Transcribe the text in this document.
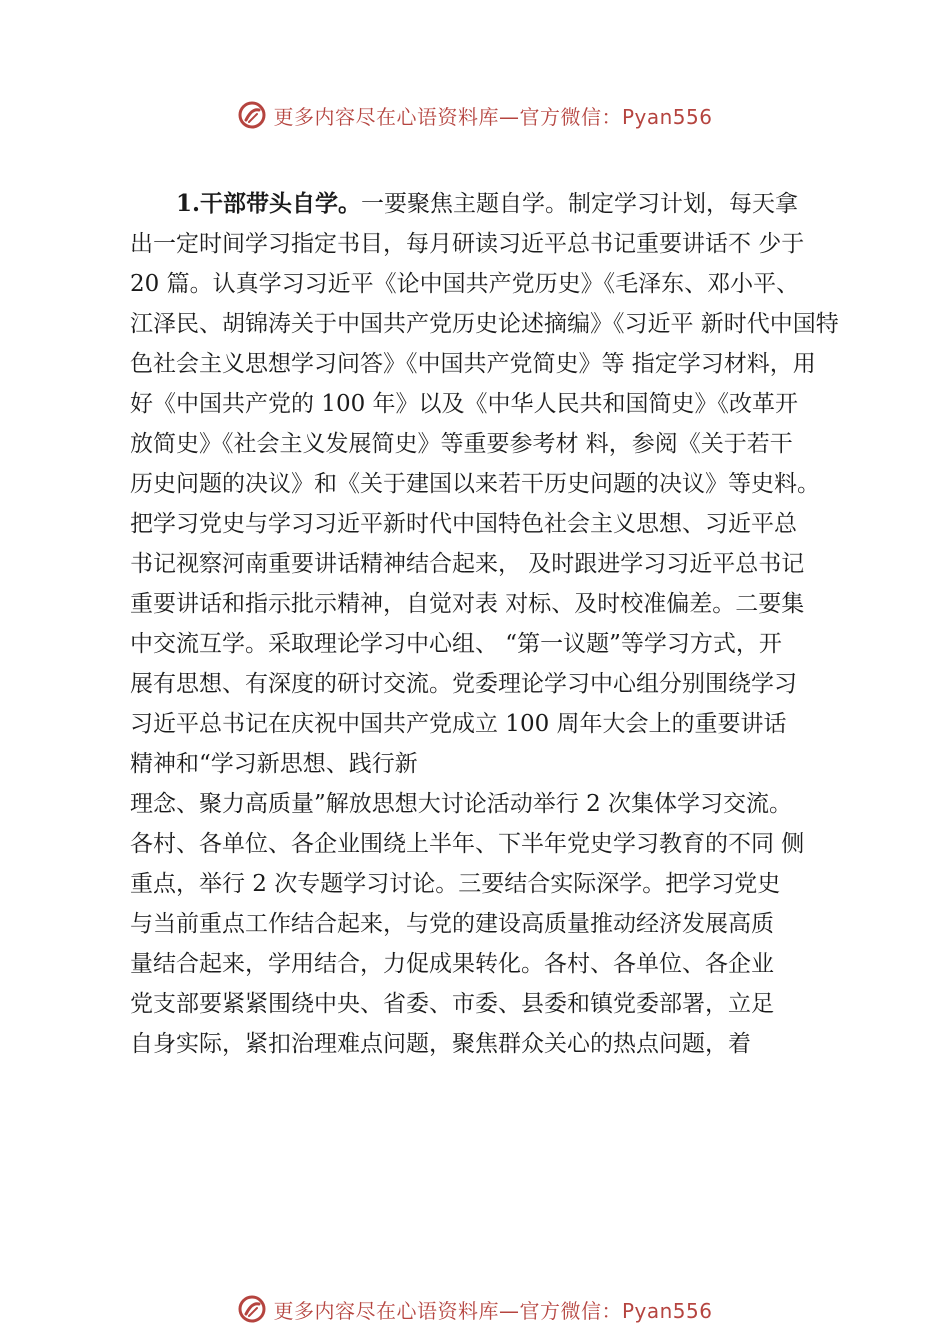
更多内容尽在心语资料库—官方微信：Pyan556
1.干部带头自学。一要聚焦主题自学。制定学习计划，每天拿
出一定时间学习指定书目，每月研读习近平总书记重要讲话不 少于
20 篇。认真学习习近平《论中国共产党历史》《毛泽东、邓小平、
江泽民、胡锦涛关于中国共产党历史论述摘编》《习近平 新时代中国特
色社会主义思想学习问答》《中国共产党简史》等 指定学习材料，用
好《中国共产党的 100 年》以及《中华人民共和国简史》《改革开
放简史》《社会主义发展简史》等重要参考材 料，参阅《关于若干
历史问题的决议》和《关于建国以来若干历史问题的决议》等史料。
把学习党史与学习习近平新时代中国特色社会主义思想、习近平总
书记视察河南重要讲话精神结合起来， 及时跟进学习习近平总书记
重要讲话和指示批示精神，自觉对表 对标、及时校准偏差。二要集
中交流互学。采取理论学习中心组、 “第一议题”等学习方式，开
展有思想、有深度的研讨交流。党委理论学习中心组分别围绕学习
习近平总书记在庆祝中国共产党成立 100 周年大会上的重要讲话
精神和“学习新思想、践行新
理念、聚力高质量”解放思想大讨论活动举行 2 次集体学习交流。
各村、各单位、各企业围绕上半年、下半年党史学习教育的不同 侧
重点，举行 2 次专题学习讨论。三要结合实际深学。把学习党史
与当前重点工作结合起来，与党的建设高质量推动经济发展高质
量结合起来，学用结合，力促成果转化。各村、各单位、各企业
党支部要紧紧围绕中央、省委、市委、县委和镇党委部署，立足
自身实际，紧扣治理难点问题，聚焦群众关心的热点问题，着
更多内容尽在心语资料库—官方微信：Pyan556
